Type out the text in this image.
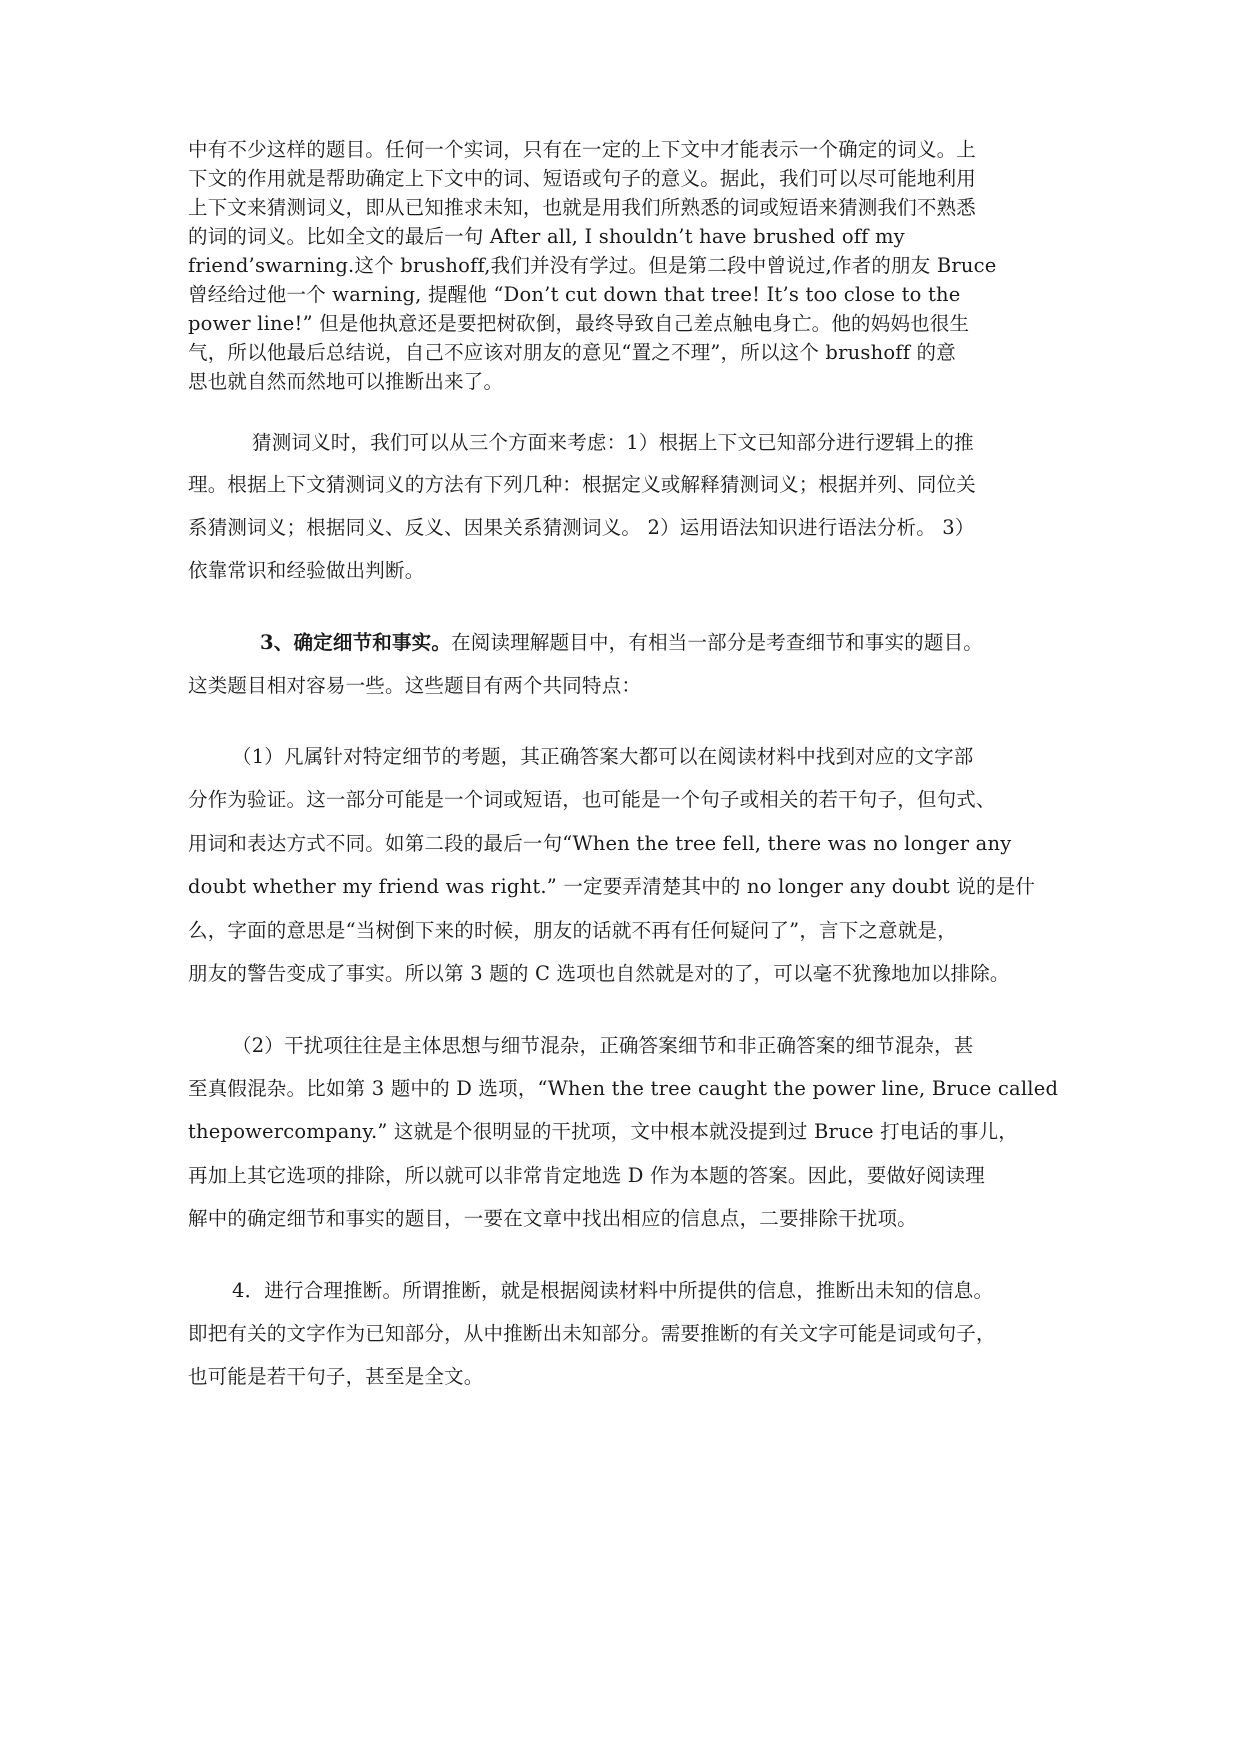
中有不少这样的题目。任何一个实词，只有在一定的上下文中才能表示一个确定的词义。上
下文的作用就是帮助确定上下文中的词、短语或句子的意义。据此，我们可以尽可能地利用
上下文来猜测词义，即从已知推求未知，也就是用我们所熟悉的词或短语来猜测我们不熟悉
的词的词义。比如全文的最后一句 After all, I shouldn’t have brushed off my
friend’swarning.这个 brushoff,我们并没有学过。但是第二段中曾说过,作者的朋友 Bruce
曾经给过他一个 warning, 提醒他 “Don’t cut down that tree! It’s too close to the
power line!” 但是他执意还是要把树砍倒，最终导致自己差点触电身亡。他的妈妈也很生
气，所以他最后总结说，自己不应该对朋友的意见“置之不理”，所以这个 brushoff 的意
思也就自然而然地可以推断出来了。
猜测词义时，我们可以从三个方面来考虑：1）根据上下文已知部分进行逻辑上的推
理。根据上下文猜测词义的方法有下列几种：根据定义或解释猜测词义；根据并列、同位关
系猜测词义；根据同义、反义、因果关系猜测词义。 2）运用语法知识进行语法分析。 3）
依靠常识和经验做出判断。
3、确定细节和事实。在阅读理解题目中，有相当一部分是考查细节和事实的题目。
这类题目相对容易一些。这些题目有两个共同特点：
（1）凡属针对特定细节的考题，其正确答案大都可以在阅读材料中找到对应的文字部
分作为验证。这一部分可能是一个词或短语，也可能是一个句子或相关的若干句子，但句式、
用词和表达方式不同。如第二段的最后一句“When the tree fell, there was no longer any
doubt whether my friend was right.” 一定要弄清楚其中的 no longer any doubt 说的是什
么，字面的意思是“当树倒下来的时候，朋友的话就不再有任何疑问了”，言下之意就是，
朋友的警告变成了事实。所以第 3 题的 C 选项也自然就是对的了，可以毫不犹豫地加以排除。
（2）干扰项往往是主体思想与细节混杂，正确答案细节和非正确答案的细节混杂，甚
至真假混杂。比如第 3 题中的 D 选项，“When the tree caught the power line, Bruce called
thepowercompany.” 这就是个很明显的干扰项，文中根本就没提到过 Bruce 打电话的事儿，
再加上其它选项的排除，所以就可以非常肯定地选 D 作为本题的答案。因此，要做好阅读理
解中的确定细节和事实的题目，一要在文章中找出相应的信息点，二要排除干扰项。
4．进行合理推断。所谓推断，就是根据阅读材料中所提供的信息，推断出未知的信息。
即把有关的文字作为已知部分，从中推断出未知部分。需要推断的有关文字可能是词或句子，
也可能是若干句子，甚至是全文。
